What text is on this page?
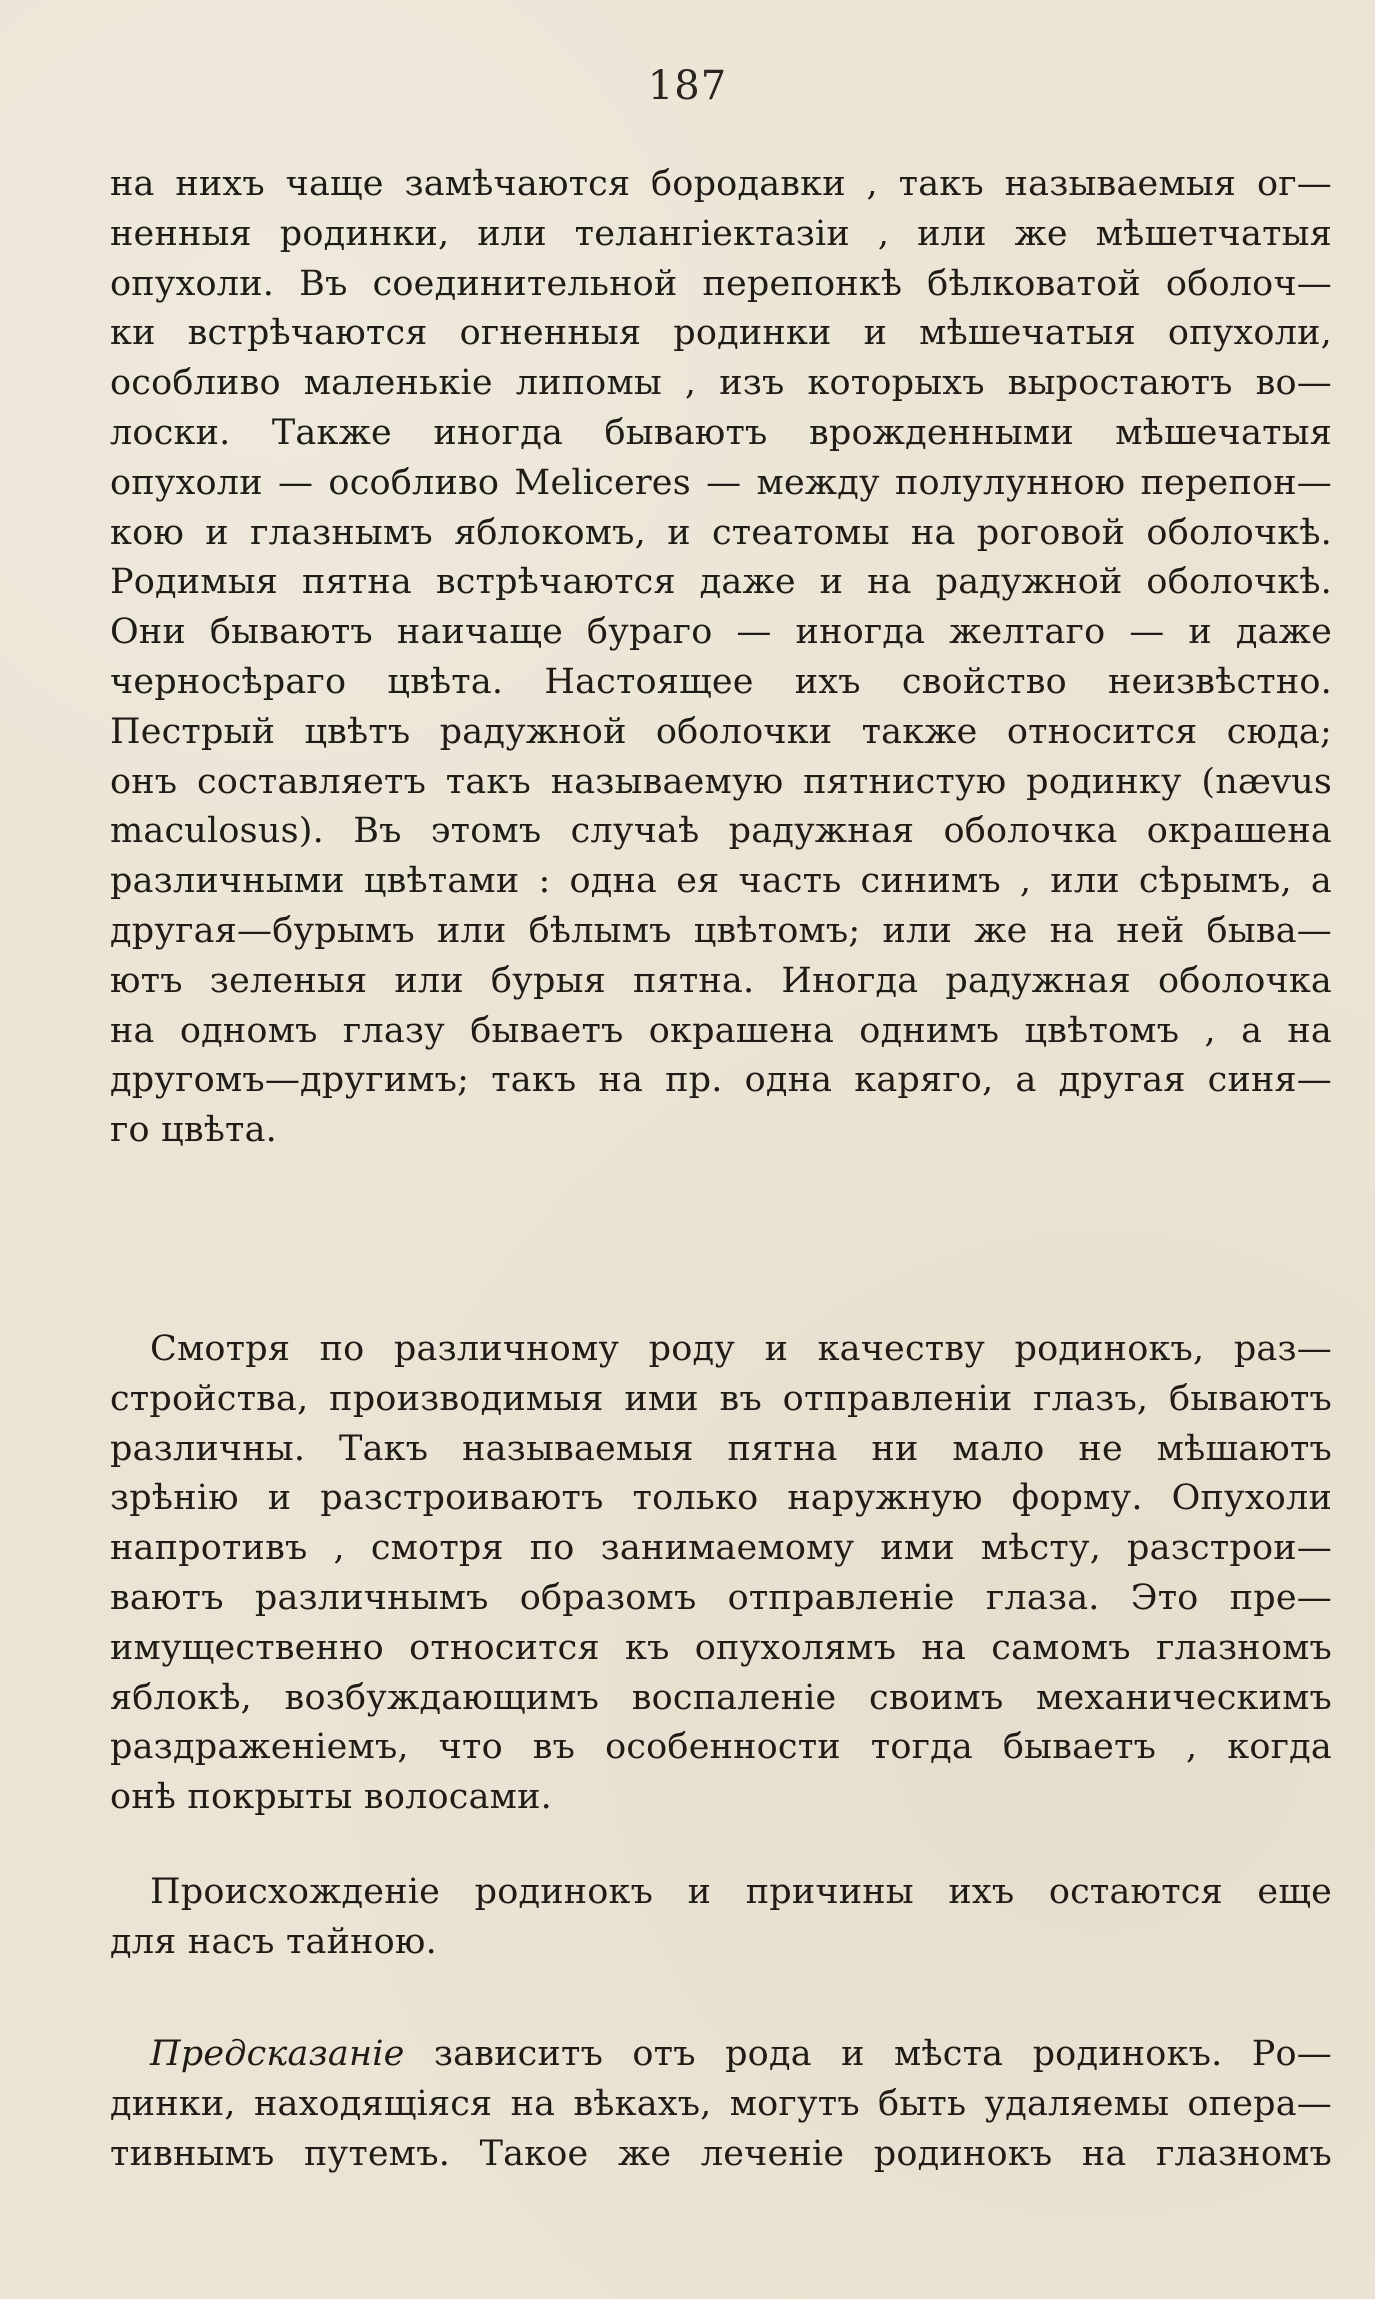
187
на нихъ чаще замѣчаются бородавки , такъ называемыя ог—
ненныя родинки, или телангіектазіи , или же мѣшетчатыя
опухоли. Въ соединительной перепонкѣ бѣлковатой оболоч—
ки встрѣчаются огненныя родинки и мѣшечатыя опухоли,
особливо маленькіе липомы , изъ которыхъ выростаютъ во—
лоски. Также иногда бываютъ врожденными мѣшечатыя
опухоли — особливо Meliceres — между полулунною перепон—
кою и глазнымъ яблокомъ, и стеатомы на роговой оболочкѣ.
Родимыя пятна встрѣчаются даже и на радужной оболочкѣ.
Они бываютъ наичаще бураго — иногда желтаго — и даже
черносѣраго цвѣта. Настоящее ихъ свойство неизвѣстно.
Пестрый цвѣтъ радужной оболочки также относится сюда;
онъ составляетъ такъ называемую пятнистую родинку (nævus
maculosus). Въ этомъ случаѣ радужная оболочка окрашена
различными цвѣтами : одна ея часть синимъ , или сѣрымъ, а
другая—бурымъ или бѣлымъ цвѣтомъ; или же на ней быва—
ютъ зеленыя или бурыя пятна. Иногда радужная оболочка
на одномъ глазу бываетъ окрашена однимъ цвѣтомъ , а на
другомъ—другимъ; такъ на пр. одна каряго, а другая синя—
го цвѣта.
Смотря по различному роду и качеству родинокъ, раз—
стройства, производимыя ими въ отправленіи глазъ, бываютъ
различны. Такъ называемыя пятна ни мало не мѣшаютъ
зрѣнію и разстроиваютъ только наружную форму. Опухоли
напротивъ , смотря по занимаемому ими мѣсту, разстрои—
ваютъ различнымъ образомъ отправленіе глаза. Это пре—
имущественно относится къ опухолямъ на самомъ глазномъ
яблокѣ, возбуждающимъ воспаленіе своимъ механическимъ
раздраженіемъ, что въ особенности тогда бываетъ , когда
онѣ покрыты волосами.
Происхожденіе родинокъ и причины ихъ остаются еще
для насъ тайною.
Предсказаніе зависитъ отъ рода и мѣста родинокъ. Ро—
динки, находящіяся на вѣкахъ, могутъ быть удаляемы опера—
тивнымъ путемъ. Такое же леченіе родинокъ на глазномъ
